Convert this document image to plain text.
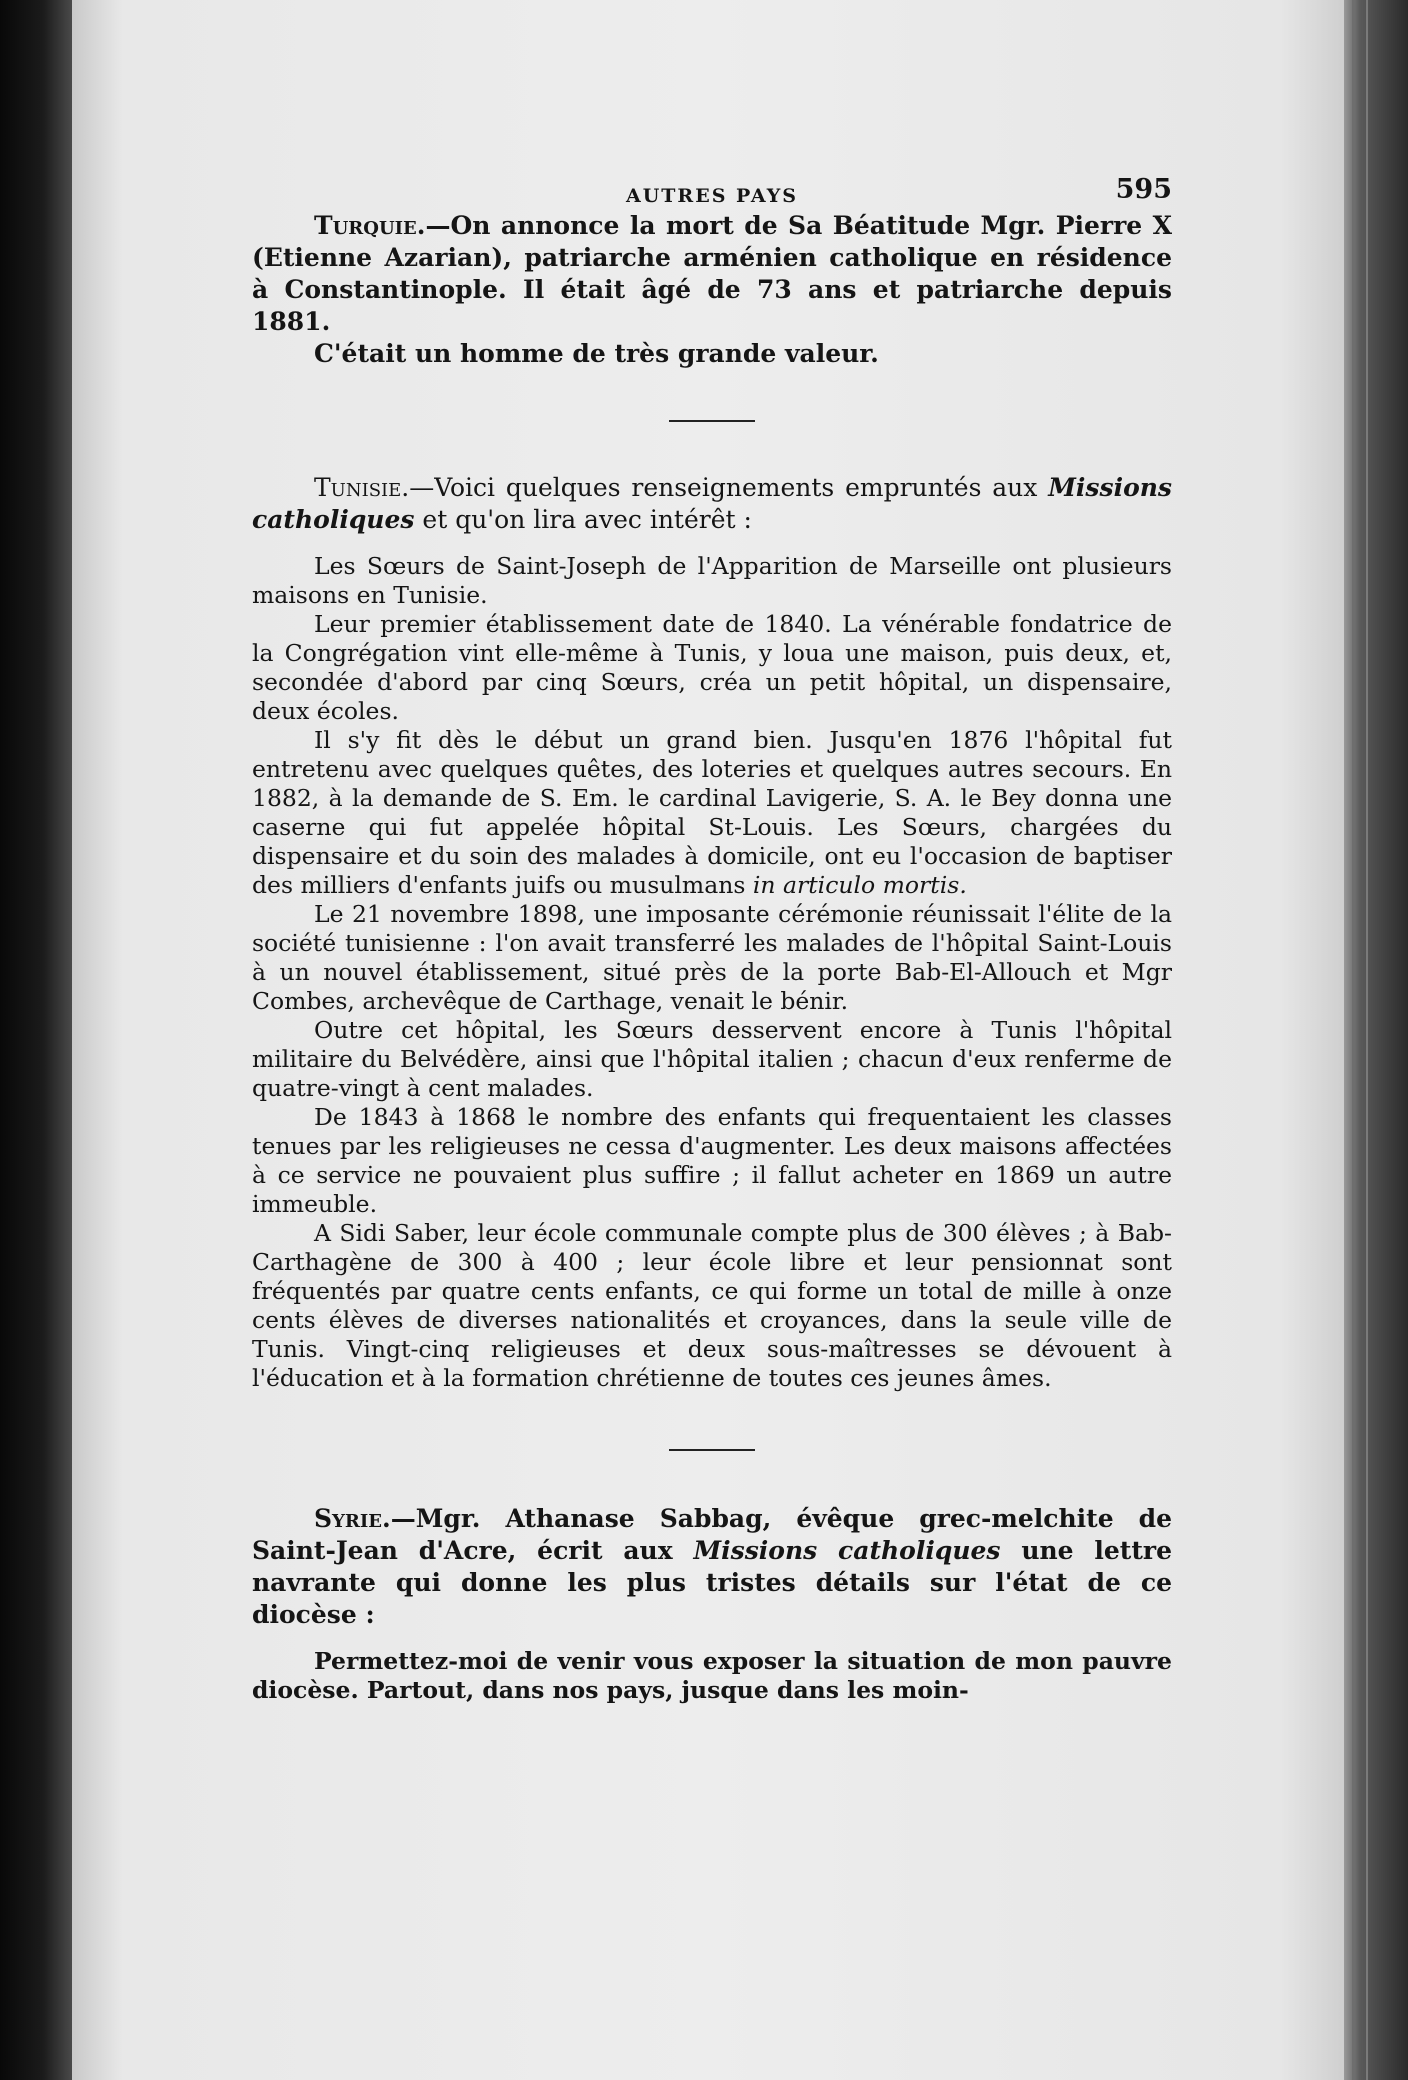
AUTRES PAYS	595

Turquie.—On annonce la mort de Sa Béatitude Mgr. Pierre X (Etienne Azarian), patriarche arménien catholique en résidence à Constantinople. Il était âgé de 73 ans et patriarche depuis 1881.

C'était un homme de très grande valeur.

Tunisie.—Voici quelques renseignements empruntés aux Missions catholiques et qu'on lira avec intérêt :

Les Sœurs de Saint-Joseph de l'Apparition de Marseille ont plusieurs maisons en Tunisie.

Leur premier établissement date de 1840. La vénérable fondatrice de la Congrégation vint elle-même à Tunis, y loua une maison, puis deux, et, secondée d'abord par cinq Sœurs, créa un petit hôpital, un dispensaire, deux écoles.

Il s'y fit dès le début un grand bien. Jusqu'en 1876 l'hôpital fut entretenu avec quelques quêtes, des loteries et quelques autres secours. En 1882, à la demande de S. Em. le cardinal Lavigerie, S. A. le Bey donna une caserne qui fut appelée hôpital St-Louis. Les Sœurs, chargées du dispensaire et du soin des malades à domicile, ont eu l'occasion de baptiser des milliers d'enfants juifs ou musulmans in articulo mortis.

Le 21 novembre 1898, une imposante cérémonie réunissait l'élite de la société tunisienne : l'on avait transferré les malades de l'hôpital Saint-Louis à un nouvel établissement, situé près de la porte Bab-El-Allouch et Mgr Combes, archevêque de Carthage, venait le bénir.

Outre cet hôpital, les Sœurs desservent encore à Tunis l'hôpital militaire du Belvédère, ainsi que l'hôpital italien ; chacun d'eux renferme de quatre-vingt à cent malades.

De 1843 à 1868 le nombre des enfants qui frequentaient les classes tenues par les religieuses ne cessa d'augmenter. Les deux maisons affectées à ce service ne pouvaient plus suffire ; il fallut acheter en 1869 un autre immeuble.

A Sidi Saber, leur école communale compte plus de 300 élèves ; à Bab-Carthagène de 300 à 400 ; leur école libre et leur pensionnat sont fréquentés par quatre cents enfants, ce qui forme un total de mille à onze cents élèves de diverses nationalités et croyances, dans la seule ville de Tunis. Vingt-cinq religieuses et deux sous-maîtresses se dévouent à l'éducation et à la formation chrétienne de toutes ces jeunes âmes.

Syrie.—Mgr. Athanase Sabbag, évêque grec-melchite de Saint-Jean d'Acre, écrit aux Missions catholiques une lettre navrante qui donne les plus tristes détails sur l'état de ce diocèse :

Permettez-moi de venir vous exposer la situation de mon pauvre diocèse. Partout, dans nos pays, jusque dans les moin-
